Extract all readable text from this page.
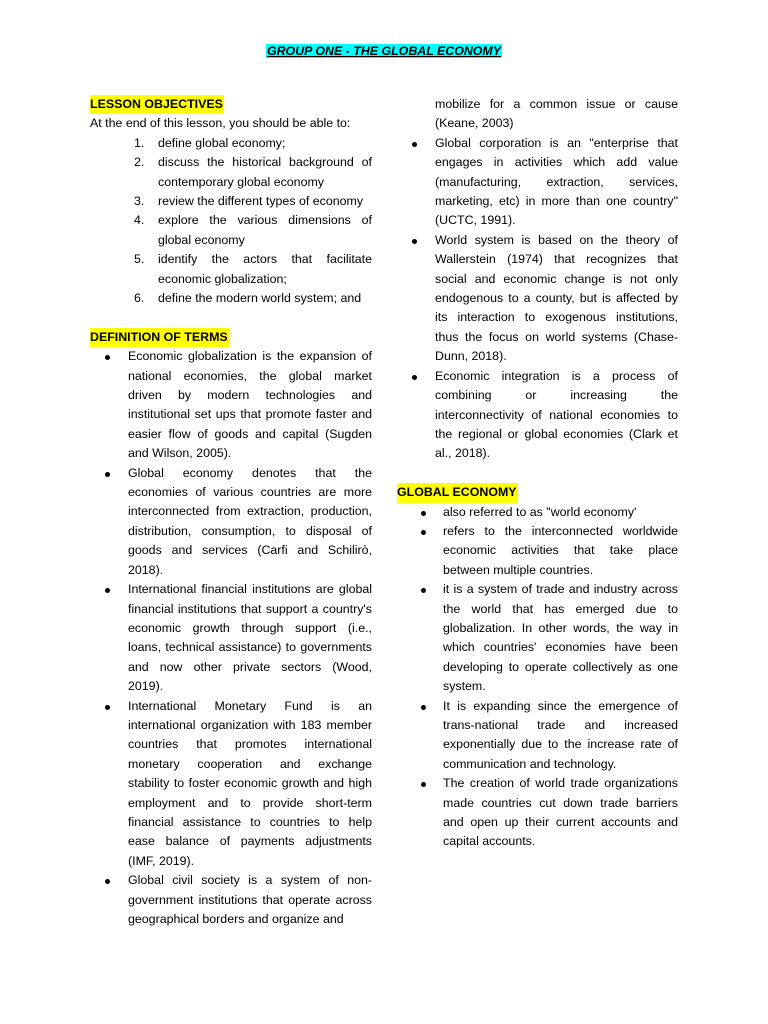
GROUP ONE - THE GLOBAL ECONOMY
LESSON OBJECTIVES

At the end of this lesson, you should be able to:

1. define global economy;
2. discuss the historical background of contemporary global economy
3. review the different types of economy
4. explore the various dimensions of global economy
5. identify the actors that facilitate economic globalization;
6. define the modern world system; and
DEFINITION OF TERMS
Economic globalization is the expansion of national economies, the global market driven by modern technologies and institutional set ups that promote faster and easier flow of goods and capital (Sugden and Wilson, 2005).
Global economy denotes that the economies of various countries are more interconnected from extraction, production, distribution, consumption, to disposal of goods and services (Carfi and Schilirò, 2018).
International financial institutions are global financial institutions that support a country's economic growth through support (i.e., loans, technical assistance) to governments and now other private sectors (Wood, 2019).
International Monetary Fund is an international organization with 183 member countries that promotes international monetary cooperation and exchange stability to foster economic growth and high employment and to provide short-term financial assistance to countries to help ease balance of payments adjustments (IMF, 2019).
Global civil society is a system of non-government institutions that operate across geographical borders and organize and
mobilize for a common issue or cause (Keane, 2003)
Global corporation is an "enterprise that engages in activities which add value (manufacturing, extraction, services, marketing, etc) in more than one country" (UCTC, 1991).
World system is based on the theory of Wallerstein (1974) that recognizes that social and economic change is not only endogenous to a county, but is affected by its interaction to exogenous institutions, thus the focus on world systems (Chase-Dunn, 2018).
Economic integration is a process of combining or increasing the interconnectivity of national economies to the regional or global economies (Clark et al., 2018).
GLOBAL ECONOMY
also referred to as "world economy'
refers to the interconnected worldwide economic activities that take place between multiple countries.
it is a system of trade and industry across the world that has emerged due to globalization. In other words, the way in which countries' economies have been developing to operate collectively as one system.
It is expanding since the emergence of trans-national trade and increased exponentially due to the increase rate of communication and technology.
The creation of world trade organizations made countries cut down trade barriers and open up their current accounts and capital accounts.
